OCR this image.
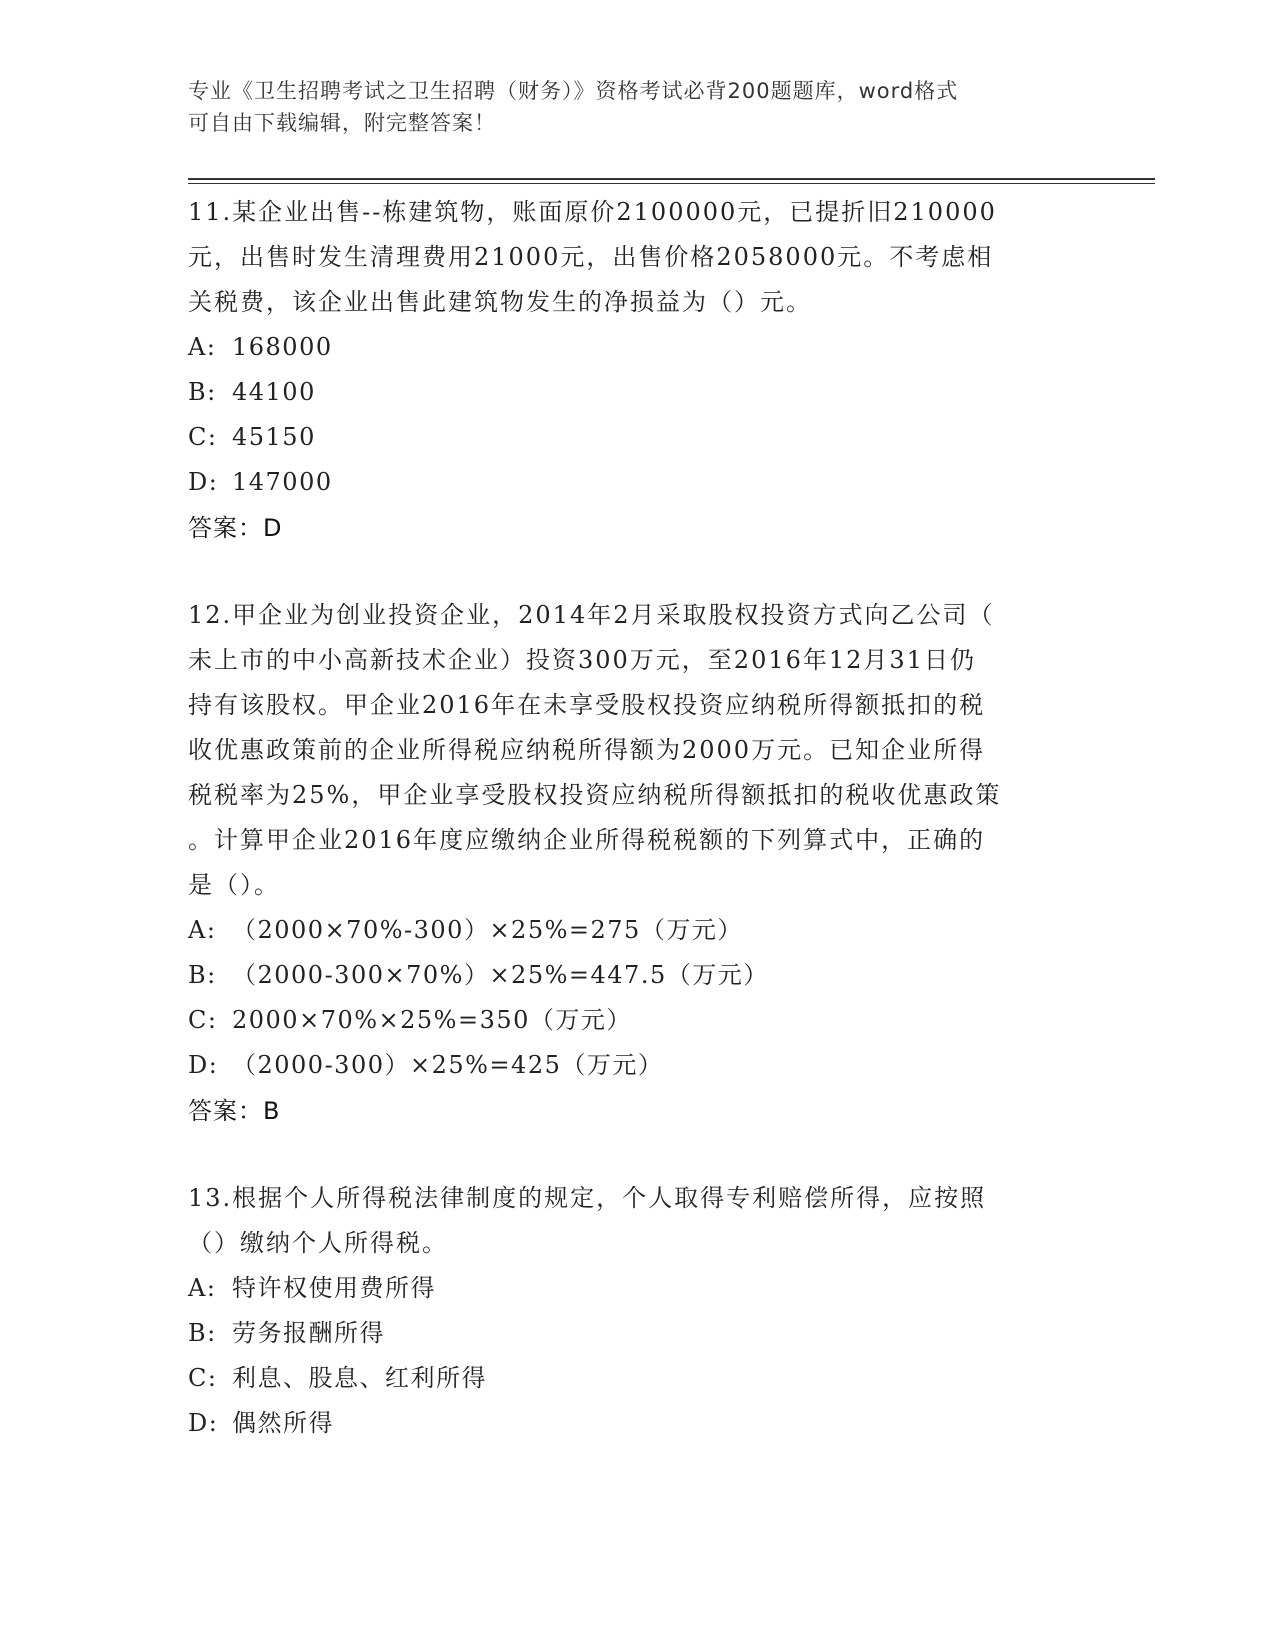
专业《卫生招聘考试之卫生招聘（财务）》资格考试必背200题题库，word格式
可自由下载编辑，附完整答案！

11.某企业出售--栋建筑物，账面原价2100000元，已提折旧210000

元，出售时发生清理费用21000元，出售价格2058000元。不考虑相

关税费，该企业出售此建筑物发生的净损益为（）元。

A: 168000

B: 44100

C: 45150

D: 147000

答案：D

12.甲企业为创业投资企业，2014年2月采取股权投资方式向乙公司（

未上市的中小高新技术企业）投资300万元，至2016年12月31日仍

持有该股权。甲企业2016年在未享受股权投资应纳税所得额抵扣的税

收优惠政策前的企业所得税应纳税所得额为2000万元。已知企业所得

税税率为25%，甲企业享受股权投资应纳税所得额抵扣的税收优惠政策

。计算甲企业2016年度应缴纳企业所得税税额的下列算式中，正确的

是（）。

A: （2000×70%-300）×25%=275（万元）

B: （2000-300×70%）×25%=447.5（万元）

C: 2000×70%×25%=350（万元）

D: （2000-300）×25%=425（万元）

答案：B

13.根据个人所得税法律制度的规定，个人取得专利赔偿所得，应按照

（）缴纳个人所得税。

A: 特许权使用费所得

B: 劳务报酬所得

C: 利息、股息、红利所得

D: 偶然所得
